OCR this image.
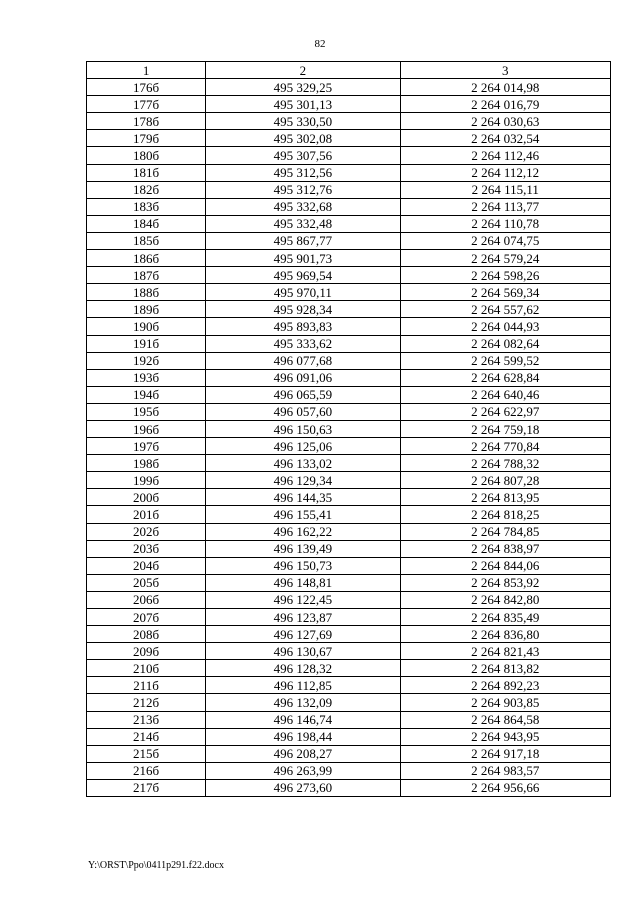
82
1	2	3
176б	495 329,25	2 264 014,98
177б	495 301,13	2 264 016,79
178б	495 330,50	2 264 030,63
179б	495 302,08	2 264 032,54
180б	495 307,56	2 264 112,46
181б	495 312,56	2 264 112,12
182б	495 312,76	2 264 115,11
183б	495 332,68	2 264 113,77
184б	495 332,48	2 264 110,78
185б	495 867,77	2 264 074,75
186б	495 901,73	2 264 579,24
187б	495 969,54	2 264 598,26
188б	495 970,11	2 264 569,34
189б	495 928,34	2 264 557,62
190б	495 893,83	2 264 044,93
191б	495 333,62	2 264 082,64
192б	496 077,68	2 264 599,52
193б	496 091,06	2 264 628,84
194б	496 065,59	2 264 640,46
195б	496 057,60	2 264 622,97
196б	496 150,63	2 264 759,18
197б	496 125,06	2 264 770,84
198б	496 133,02	2 264 788,32
199б	496 129,34	2 264 807,28
200б	496 144,35	2 264 813,95
201б	496 155,41	2 264 818,25
202б	496 162,22	2 264 784,85
203б	496 139,49	2 264 838,97
204б	496 150,73	2 264 844,06
205б	496 148,81	2 264 853,92
206б	496 122,45	2 264 842,80
207б	496 123,87	2 264 835,49
208б	496 127,69	2 264 836,80
209б	496 130,67	2 264 821,43
210б	496 128,32	2 264 813,82
211б	496 112,85	2 264 892,23
212б	496 132,09	2 264 903,85
213б	496 146,74	2 264 864,58
214б	496 198,44	2 264 943,95
215б	496 208,27	2 264 917,18
216б	496 263,99	2 264 983,57
217б	496 273,60	2 264 956,66
Y:\ORST\Ppo\0411p291.f22.docx
